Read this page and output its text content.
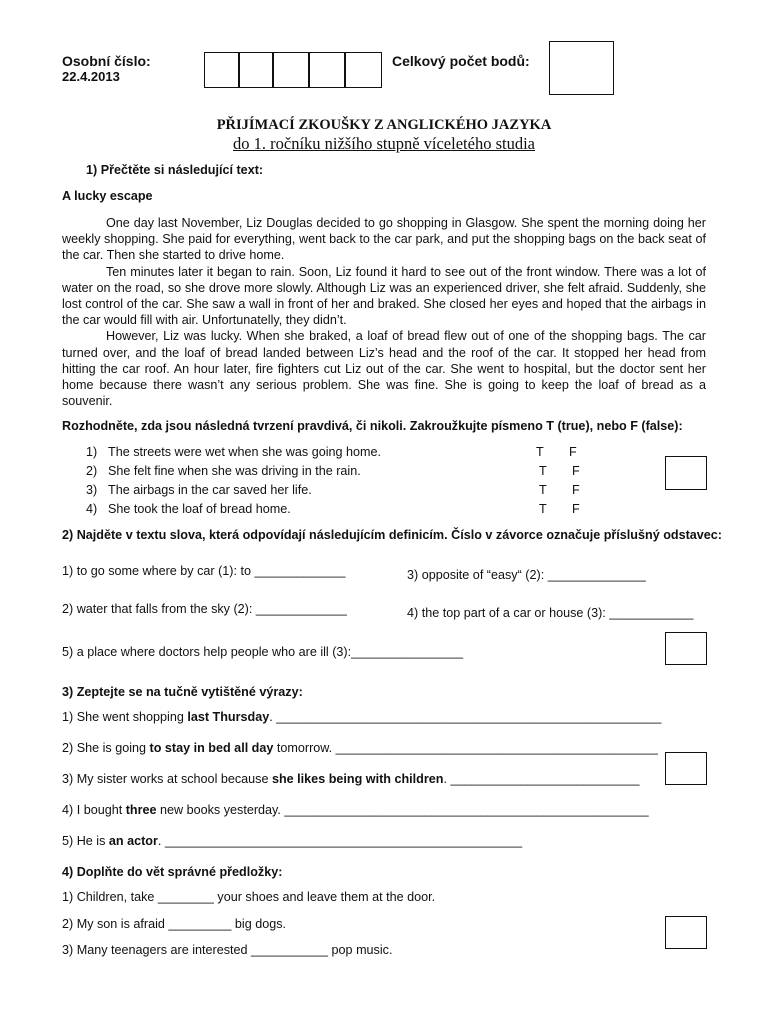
Osobní číslo:
22.4.2013
Celkový počet bodů:
PŘIJÍMACÍ ZKOUŠKY Z ANGLICKÉHO JAZYKA
do 1. ročníku nižšího stupně víceletého studia
1) Přečtěte si následující text:
A lucky escape

One day last November, Liz Douglas decided to go shopping in Glasgow. She spent the morning doing her weekly shopping. She paid for everything, went back to the car park, and put the shopping bags on the back seat of the car. Then she started to drive home.

Ten minutes later it began to rain. Soon, Liz found it hard to see out of the front window. There was a lot of water on the road, so she drove more slowly. Although Liz was an experienced driver, she felt afraid. Suddenly, she lost control of the car. She saw a wall in front of her and braked. She closed her eyes and hoped that the airbags in the car would fill with air. Unfortunatelly, they didn’t.

However, Liz was lucky. When she braked, a loaf of bread flew out of one of the shopping bags. The car turned over, and the loaf of bread landed between Liz’s head and the roof of the car. It stopped her head from hitting the car roof. An hour later, fire fighters cut Liz out of the car. She went to hospital, but the doctor sent her home because there wasn’t any serious problem. She was fine. She is going to keep the loaf of bread as a souvenir.

Rozhodněte, zda jsou následná tvrzení pravdivá, či nikoli. Zakroužkujte písmeno T (true), nebo F (false):
1) The streets were wet when she was going home.	T F
2) She felt fine when she was driving in the rain.	T F
3) The airbags in the car saved her life.	T F
4) She took the loaf of bread home.	T F
2) Najděte v textu slova, která odpovídají následujícím definicím. Číslo v závorce označuje příslušný odstavec:
1) to go some where by car (1): to _____________	3) opposite of “easy“ (2): ______________
2) water that falls from the sky (2): _____________	4) the top part of a car or house (3): ____________
5) a place where doctors help people who are ill (3):________________
3) Zeptejte se na tučně vytištěné výrazy:
1) She went shopping last Thursday. _______________________________________________________
2) She is going to stay in bed all day tomorrow. ______________________________________________
3) My sister works at school because she likes being with children. ___________________________
4) I bought three new books yesterday. ____________________________________________________
5) He is an actor. ___________________________________________________
4) Doplňte do vět správné předložky:
1) Children, take ________ your shoes and leave them at the door.
2) My son is afraid _________ big dogs.
3) Many teenagers are interested ___________ pop music.
